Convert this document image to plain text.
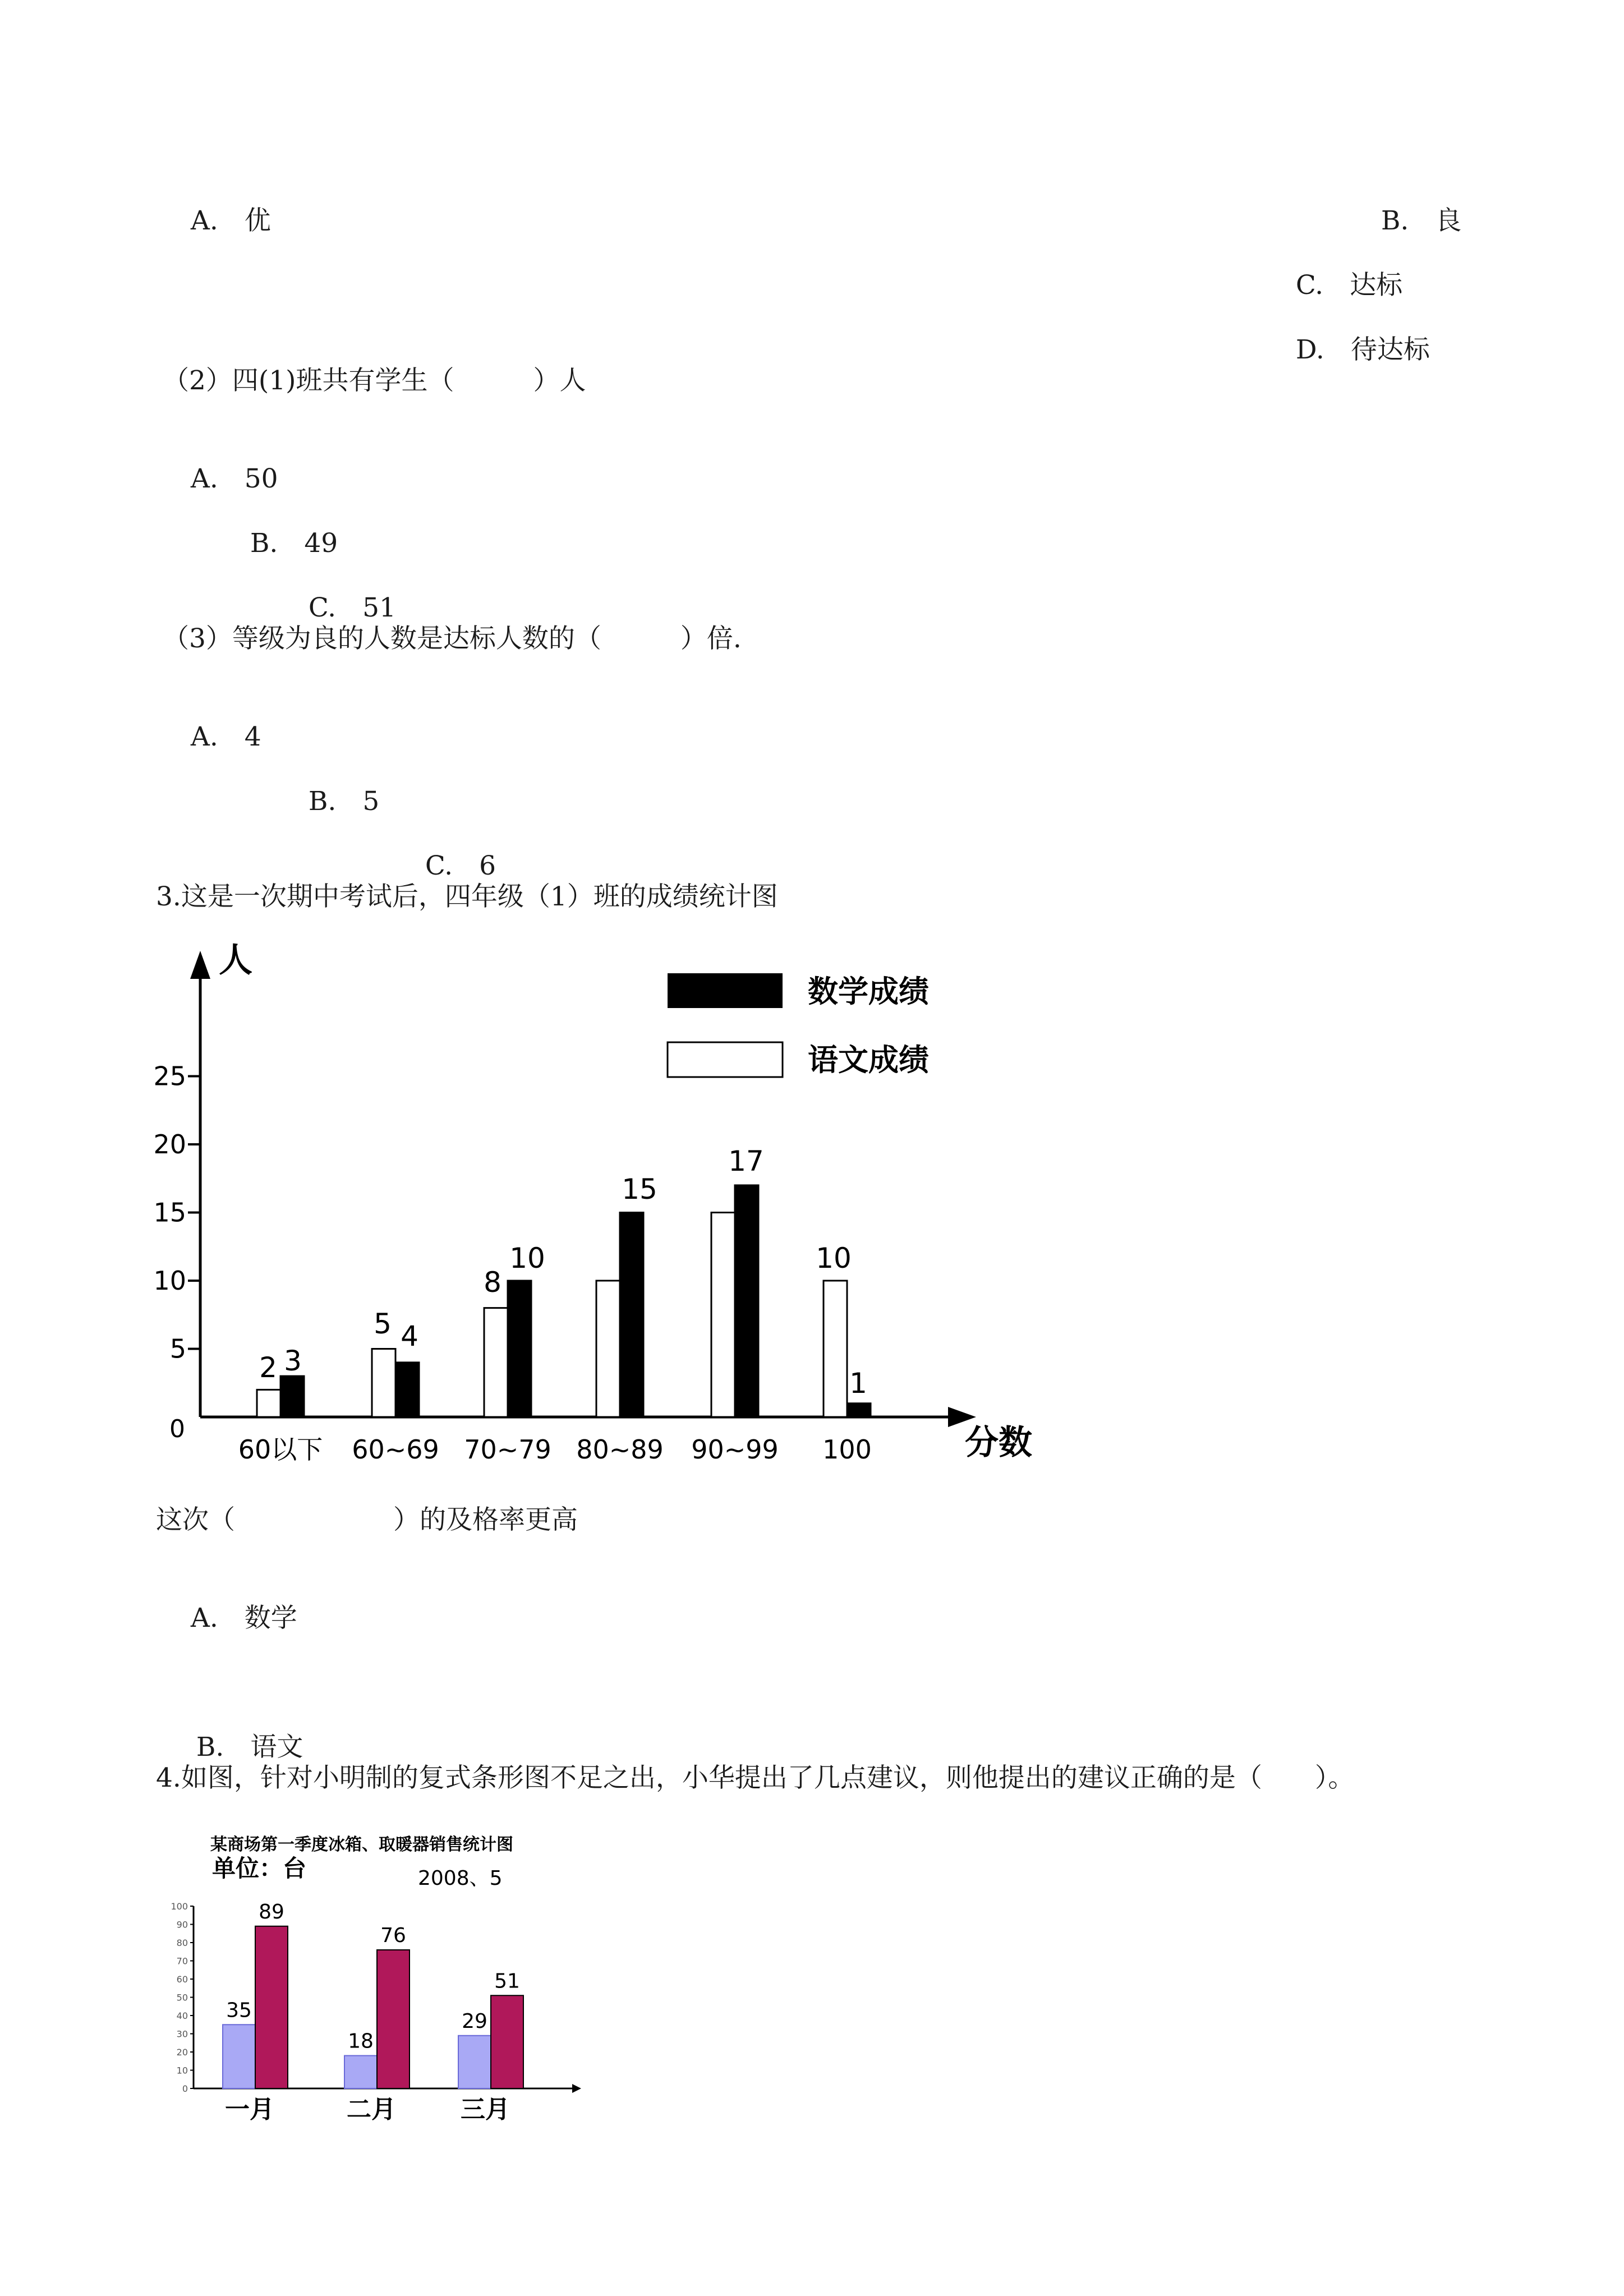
A.　 优	B.　 良

C.　 达标

D.　 待达标

（2）四(1)班共有学生（　　　）人

A.　 50

B.　 49

C.　 51

（3）等级为良的人数是达标人数的（　　　）倍.

A.　 4

B.　 5

C.　 6

3.这是一次期中考试后，四年级（1）班的成绩统计图
人
分数
0
5
10
15
20
25
60以下 60~69 70~79 80~89 90~99 100
数学成绩
语文成绩
2 3
5 4
8
10
15
17
10
1
这次（　　　　　　）的及格率更高

A.　 数学

B.　 语文

4.如图，针对小明制的复式条形图不足之出，小华提出了几点建议，则他提出的建议正确的是（　　）。
某商场第一季度冰箱、取暖器销售统计图
单位：台	2008、5
0
10
20
30
40
50
60
70
80
90
100
一月	二月	三月
35
89
18
76
29
51
